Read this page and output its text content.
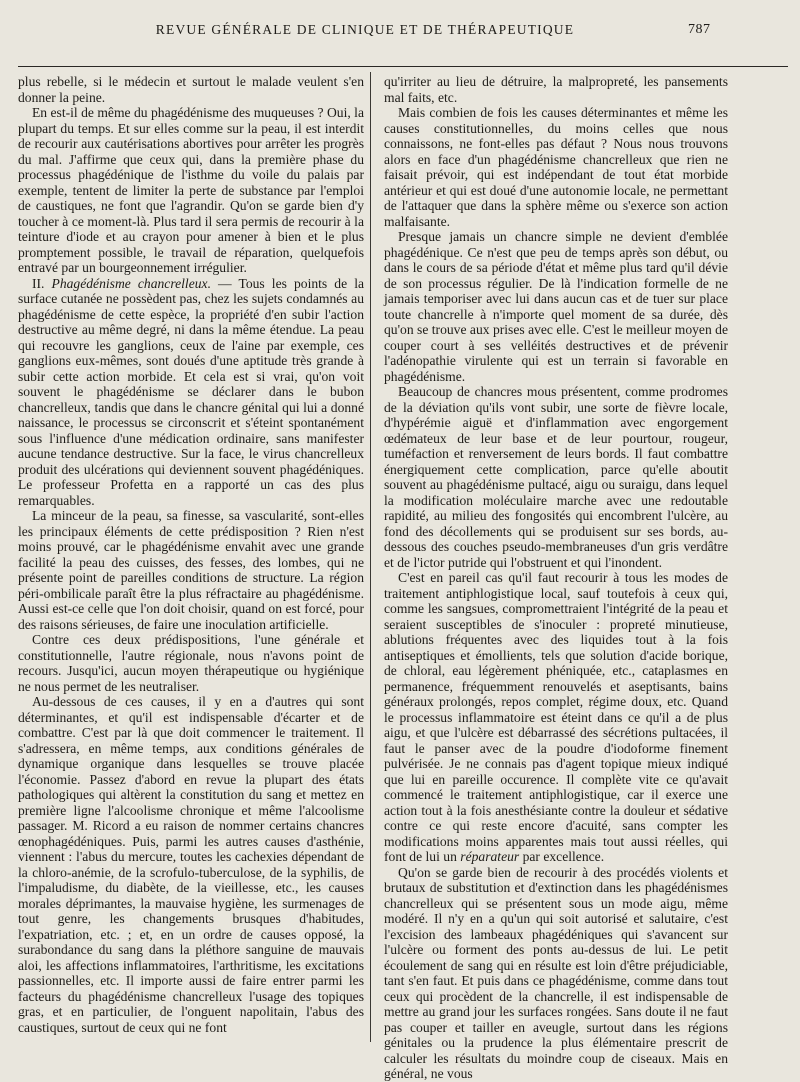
REVUE GÉNÉRALE DE CLINIQUE ET DE THÉRAPEUTIQUE	787

plus rebelle, si le médecin et surtout le malade veulent s'en donner la peine.

En est-il de même du phagédénisme des muqueuses ? Oui, la plupart du temps. Et sur elles comme sur la peau, il est interdit de recourir aux cautérisations abortives pour arrêter les progrès du mal. J'affirme que ceux qui, dans la première phase du processus phagédénique de l'isthme du voile du palais par exemple, tentent de limiter la perte de substance par l'emploi de caustiques, ne font que l'agrandir. Qu'on se garde bien d'y toucher à ce moment-là. Plus tard il sera permis de recourir à la teinture d'iode et au crayon pour amener à bien et le plus promptement possible, le travail de réparation, quelquefois entravé par un bourgeonnement irrégulier.

II. Phagédénisme chancrelleux. — Tous les points de la surface cutanée ne possèdent pas, chez les sujets condamnés au phagédénisme de cette espèce, la propriété d'en subir l'action destructive au même degré, ni dans la même étendue. La peau qui recouvre les ganglions, ceux de l'aine par exemple, ces ganglions eux-mêmes, sont doués d'une aptitude très grande à subir cette action morbide. Et cela est si vrai, qu'on voit souvent le phagédénisme se déclarer dans le bubon chancrelleux, tandis que dans le chancre génital qui lui a donné naissance, le processus se circonscrit et s'éteint spontanément sous l'influence d'une médication ordinaire, sans manifester aucune tendance destructive. Sur la face, le virus chancrelleux produit des ulcérations qui deviennent souvent phagédéniques. Le professeur Profetta en a rapporté un cas des plus remarquables.

La minceur de la peau, sa finesse, sa vascularité, sont-elles les principaux éléments de cette prédisposition ? Rien n'est moins prouvé, car le phagédénisme envahit avec une grande facilité la peau des cuisses, des fesses, des lombes, qui ne présente point de pareilles conditions de structure. La région péri-ombilicale paraît être la plus réfractaire au phagédénisme. Aussi est-ce celle que l'on doit choisir, quand on est forcé, pour des raisons sérieuses, de faire une inoculation artificielle.

Contre ces deux prédispositions, l'une générale et constitutionnelle, l'autre régionale, nous n'avons point de recours. Jusqu'ici, aucun moyen thérapeutique ou hygiénique ne nous permet de les neutraliser.

Au-dessous de ces causes, il y en a d'autres qui sont déterminantes, et qu'il est indispensable d'écarter et de combattre. C'est par là que doit commencer le traitement. Il s'adressera, en même temps, aux conditions générales de dynamique organique dans lesquelles se trouve placée l'économie. Passez d'abord en revue la plupart des états pathologiques qui altèrent la constitution du sang et mettez en première ligne l'alcoolisme chronique et même l'alcoolisme passager. M. Ricord a eu raison de nommer certains chancres œnophagédéniques. Puis, parmi les autres causes d'asthénie, viennent : l'abus du mercure, toutes les cachexies dépendant de la chloro-anémie, de la scrofulo-tuberculose, de la syphilis, de l'impaludisme, du diabète, de la vieillesse, etc., les causes morales déprimantes, la mauvaise hygiène, les surmenages de tout genre, les changements brusques d'habitudes, l'expatriation, etc. ; et, en un ordre de causes opposé, la surabondance du sang dans la pléthore sanguine de mauvais aloi, les affections inflammatoires, l'arthritisme, les excitations passionnelles, etc. Il importe aussi de faire entrer parmi les facteurs du phagédénisme chancrelleux l'usage des topiques gras, et en particulier, de l'onguent napolitain, l'abus des caustiques, surtout de ceux qui ne font

qu'irriter au lieu de détruire, la malpropreté, les pansements mal faits, etc.

Mais combien de fois les causes déterminantes et même les causes constitutionnelles, du moins celles que nous connaissons, ne font-elles pas défaut ? Nous nous trouvons alors en face d'un phagédénisme chancrelleux que rien ne faisait prévoir, qui est indépendant de tout état morbide antérieur et qui est doué d'une autonomie locale, ne permettant de l'attaquer que dans la sphère même ou s'exerce son action malfaisante.

Presque jamais un chancre simple ne devient d'emblée phagédénique. Ce n'est que peu de temps après son début, ou dans le cours de sa période d'état et même plus tard qu'il dévie de son processus régulier. De là l'indication formelle de ne jamais temporiser avec lui dans aucun cas et de tuer sur place toute chancrelle à n'importe quel moment de sa durée, dès qu'on se trouve aux prises avec elle. C'est le meilleur moyen de couper court à ses velléités destructives et de prévenir l'adénopathie virulente qui est un terrain si favorable en phagédénisme.

Beaucoup de chancres mous présentent, comme prodromes de la déviation qu'ils vont subir, une sorte de fièvre locale, d'hypérémie aiguë et d'inflammation avec engorgement œdémateux de leur base et de leur pourtour, rougeur, tuméfaction et renversement de leurs bords. Il faut combattre énergiquement cette complication, parce qu'elle aboutit souvent au phagédénisme pultacé, aigu ou suraigu, dans lequel la modification moléculaire marche avec une redoutable rapidité, au milieu des fongosités qui encombrent l'ulcère, au fond des décollements qui se produisent sur ses bords, au-dessous des couches pseudo-membraneuses d'un gris verdâtre et de l'ictor putride qui l'obstruent et qui l'inondent.

C'est en pareil cas qu'il faut recourir à tous les modes de traitement antiphlogistique local, sauf toutefois à ceux qui, comme les sangsues, compromettraient l'intégrité de la peau et seraient susceptibles de s'inoculer : propreté minutieuse, ablutions fréquentes avec des liquides tout à la fois antiseptiques et émollients, tels que solution d'acide borique, de chloral, eau légèrement phéniquée, etc., cataplasmes en permanence, fréquemment renouvelés et aseptisants, bains généraux prolongés, repos complet, régime doux, etc. Quand le processus inflammatoire est éteint dans ce qu'il a de plus aigu, et que l'ulcère est débarrassé des sécrétions pultacées, il faut le panser avec de la poudre d'iodoforme finement pulvérisée. Je ne connais pas d'agent topique mieux indiqué que lui en pareille occurence. Il complète vite ce qu'avait commencé le traitement antiphlogistique, car il exerce une action tout à la fois anesthésiante contre la douleur et sédative contre ce qui reste encore d'acuité, sans compter les modifications moins apparentes mais tout aussi réelles, qui font de lui un réparateur par excellence.

Qu'on se garde bien de recourir à des procédés violents et brutaux de substitution et d'extinction dans les phagédénismes chancrelleux qui se présentent sous un mode aigu, même modéré. Il n'y en a qu'un qui soit autorisé et salutaire, c'est l'excision des lambeaux phagédéniques qui s'avancent sur l'ulcère ou forment des ponts au-dessus de lui. Le petit écoulement de sang qui en résulte est loin d'être préjudiciable, tant s'en faut. Et puis dans ce phagédénisme, comme dans tout ceux qui procèdent de la chancrelle, il est indispensable de mettre au grand jour les surfaces rongées. Sans doute il ne faut pas couper et tailler en aveugle, surtout dans les régions génitales ou la prudence la plus élémentaire prescrit de calculer les résultats du moindre coup de ciseaux. Mais en général, ne vous
